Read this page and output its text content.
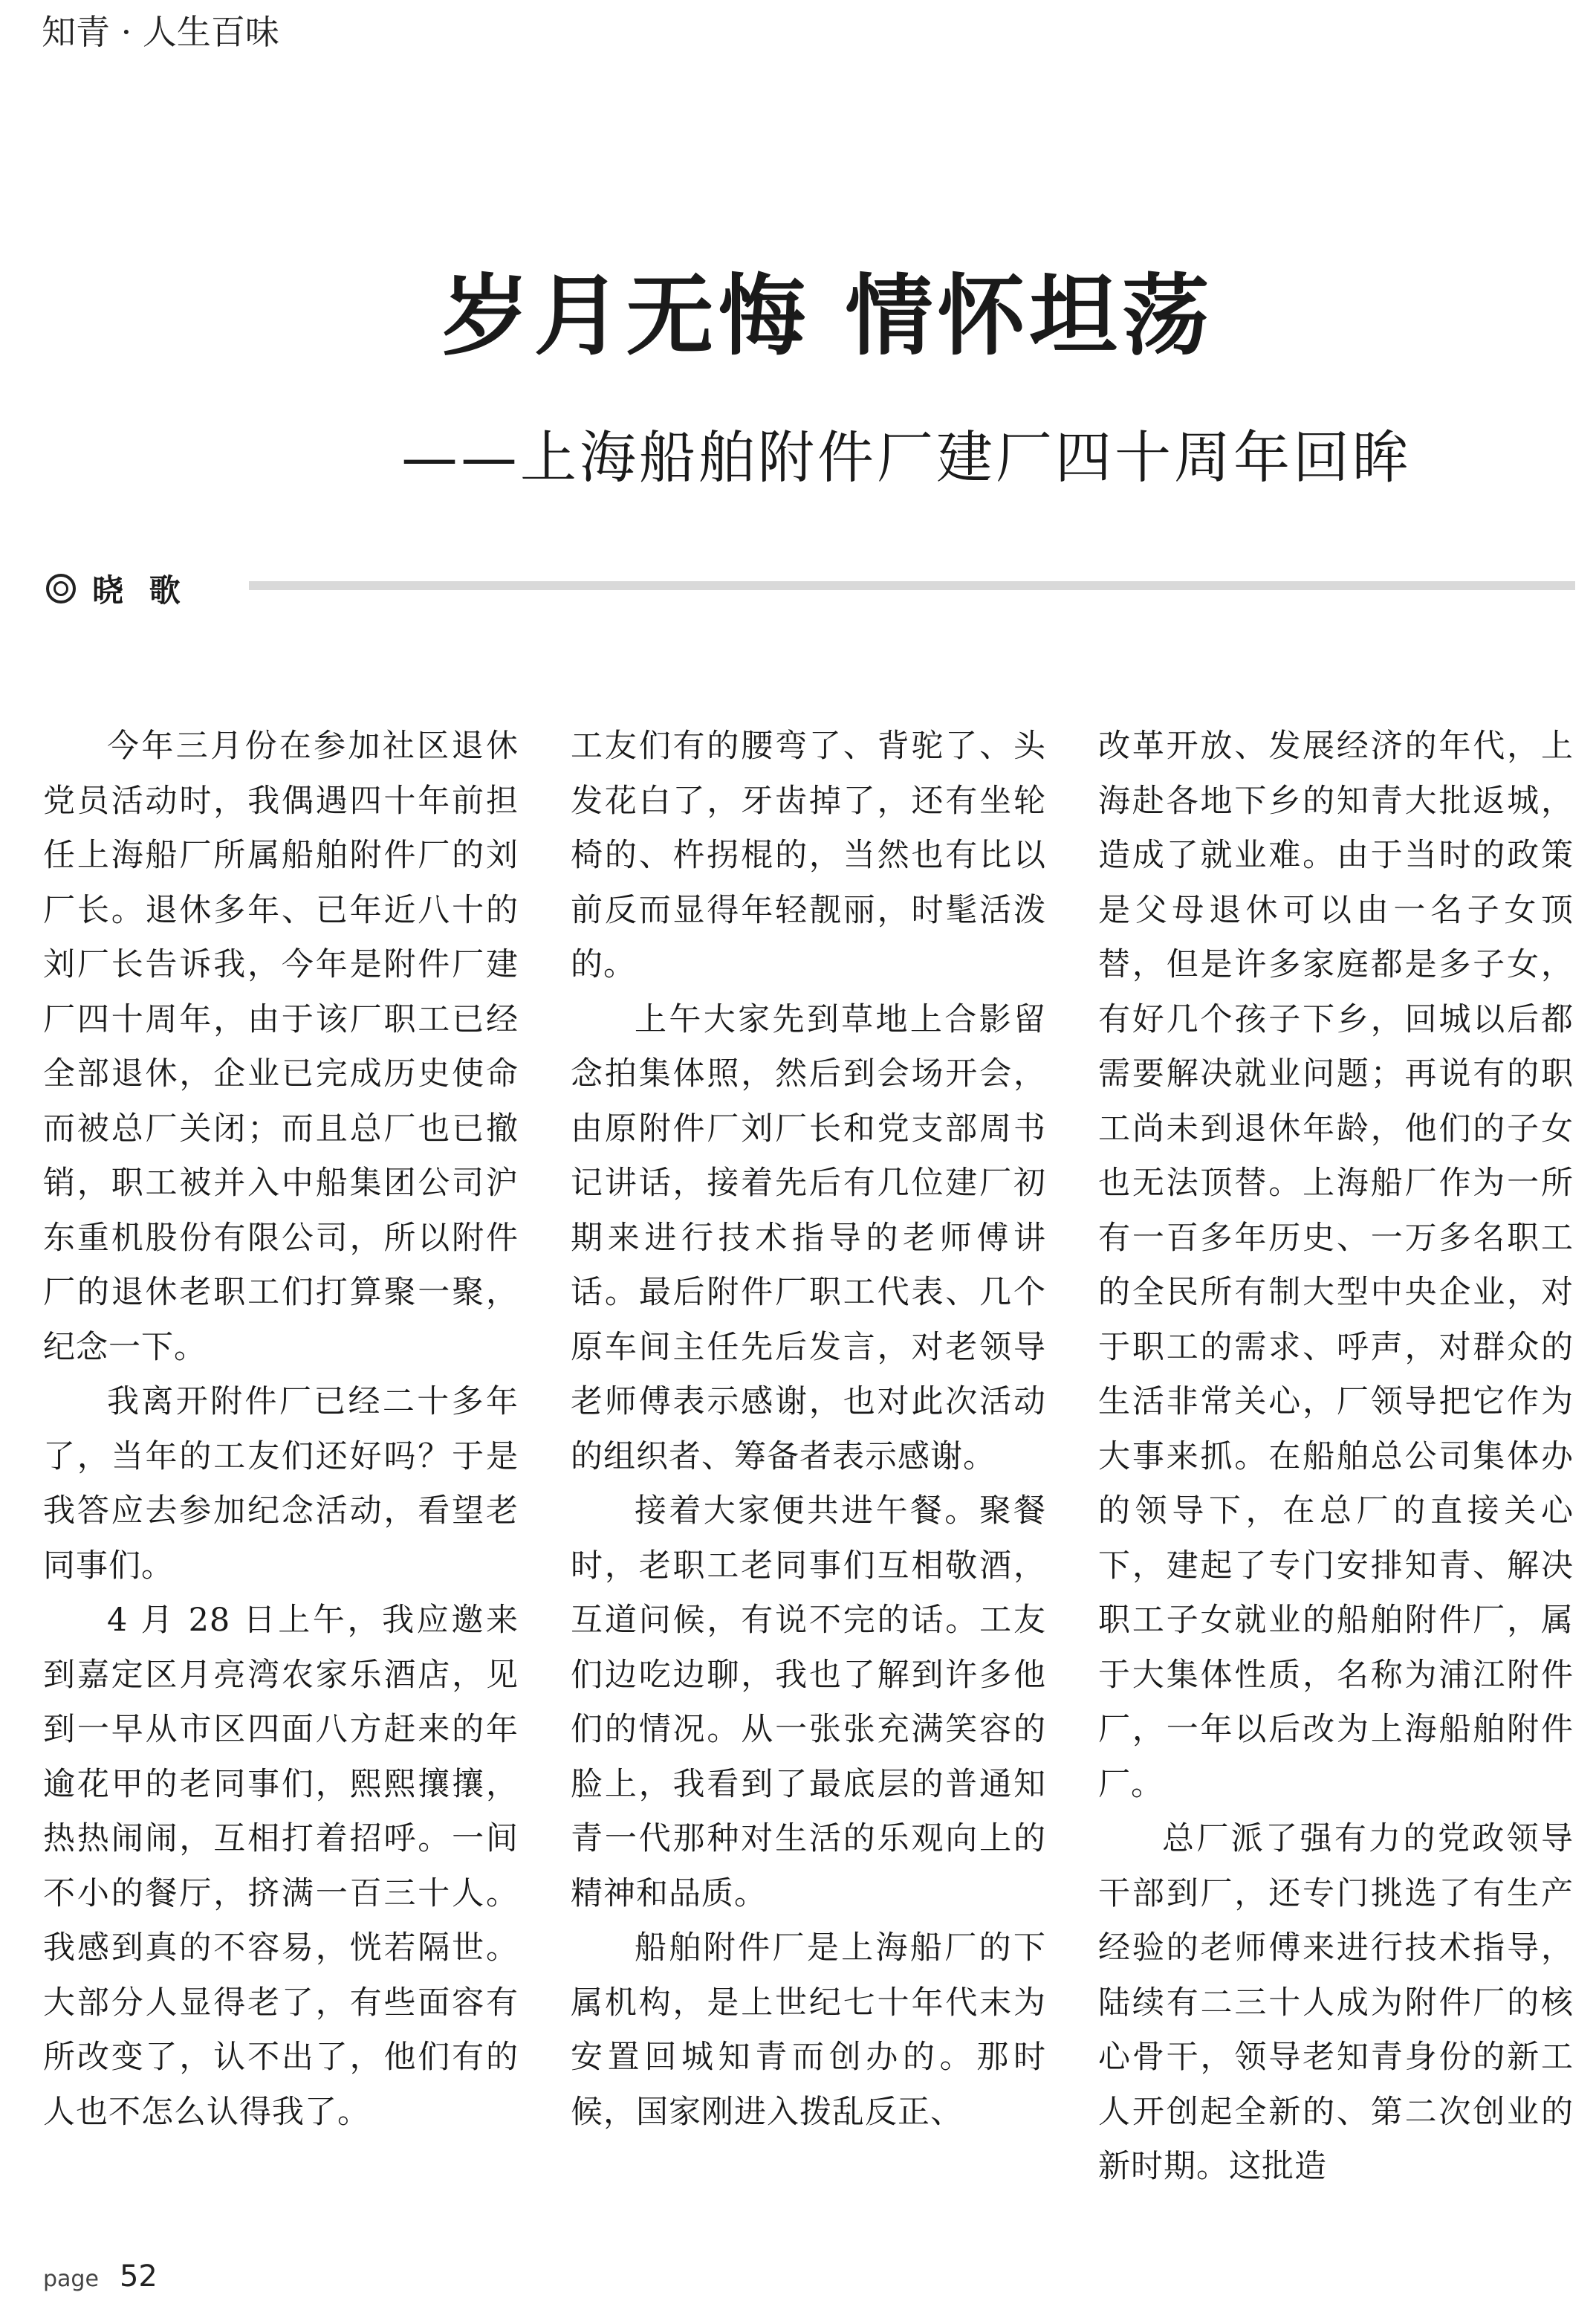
知青 · 人生百味
岁月无悔 情怀坦荡
——上海船舶附件厂建厂四十周年回眸
晓 歌

今年三月份在参加社区退休党员活动时，我偶遇四十年前担任上海船厂所属船舶附件厂的刘厂长。退休多年、已年近八十的刘厂长告诉我，今年是附件厂建厂四十周年，由于该厂职工已经全部退休，企业已完成历史使命而被总厂关闭；而且总厂也已撤销，职工被并入中船集团公司沪东重机股份有限公司，所以附件厂的退休老职工们打算聚一聚，纪念一下。

我离开附件厂已经二十多年了，当年的工友们还好吗？于是我答应去参加纪念活动，看望老同事们。

4 月 28 日上午，我应邀来到嘉定区月亮湾农家乐酒店，见到一早从市区四面八方赶来的年逾花甲的老同事们，熙熙攘攘，热热闹闹，互相打着招呼。一间不小的餐厅，挤满一百三十人。我感到真的不容易，恍若隔世。大部分人显得老了，有些面容有所改变了，认不出了，他们有的人也不怎么认得我了。

工友们有的腰弯了、背驼了、头发花白了，牙齿掉了，还有坐轮椅的、杵拐棍的，当然也有比以前反而显得年轻靓丽，时髦活泼的。

上午大家先到草地上合影留念拍集体照，然后到会场开会，由原附件厂刘厂长和党支部周书记讲话，接着先后有几位建厂初期来进行技术指导的老师傅讲话。最后附件厂职工代表、几个原车间主任先后发言，对老领导老师傅表示感谢，也对此次活动的组织者、筹备者表示感谢。

接着大家便共进午餐。聚餐时，老职工老同事们互相敬酒，互道问候，有说不完的话。工友们边吃边聊，我也了解到许多他们的情况。从一张张充满笑容的脸上，我看到了最底层的普通知青一代那种对生活的乐观向上的精神和品质。

船舶附件厂是上海船厂的下属机构，是上世纪七十年代末为安置回城知青而创办的。那时候，国家刚进入拨乱反正、

改革开放、发展经济的年代，上海赴各地下乡的知青大批返城，造成了就业难。由于当时的政策是父母退休可以由一名子女顶替，但是许多家庭都是多子女，有好几个孩子下乡，回城以后都需要解决就业问题；再说有的职工尚未到退休年龄，他们的子女也无法顶替。上海船厂作为一所有一百多年历史、一万多名职工的全民所有制大型中央企业，对于职工的需求、呼声，对群众的生活非常关心，厂领导把它作为大事来抓。在船舶总公司集体办的领导下，在总厂的直接关心下，建起了专门安排知青、解决职工子女就业的船舶附件厂，属于大集体性质，名称为浦江附件厂，一年以后改为上海船舶附件厂。

总厂派了强有力的党政领导干部到厂，还专门挑选了有生产经验的老师傅来进行技术指导，陆续有二三十人成为附件厂的核心骨干，领导老知青身份的新工人开创起全新的、第二次创业的新时期。这批造

page 52
